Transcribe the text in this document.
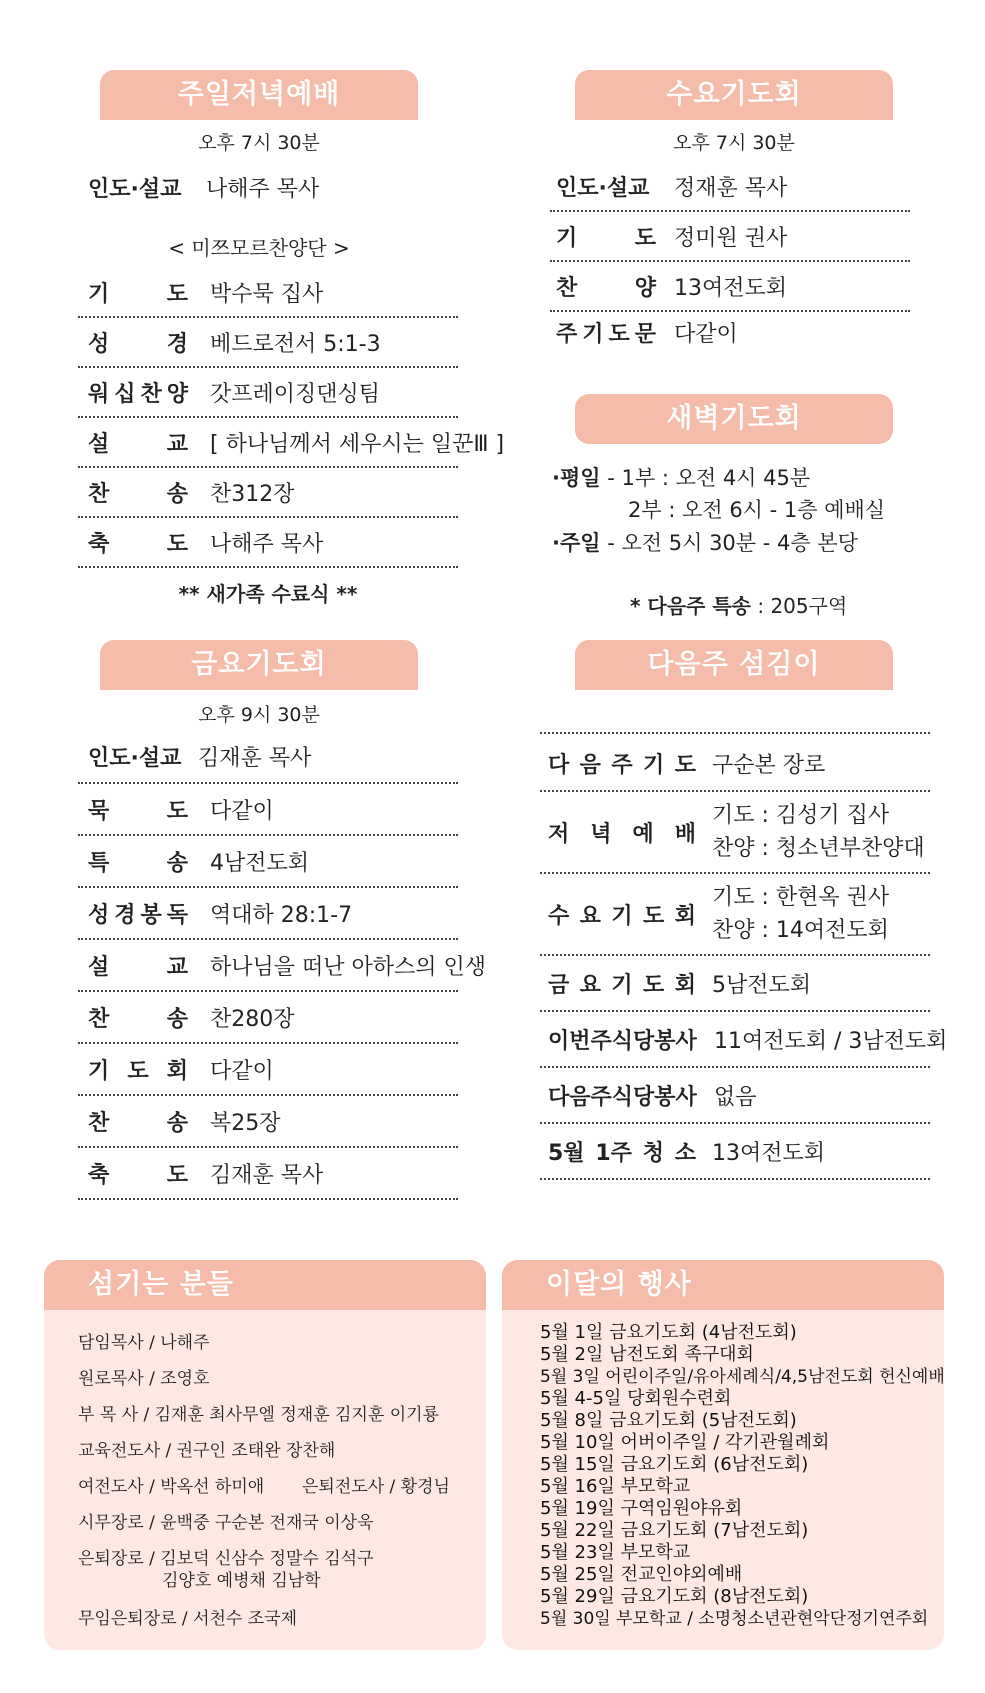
주일저녁예배
오후 7시 30분
인도·설교	나해주 목사
< 미쯔모르찬양단 >
기	도 박수묵 집사
성	경 베드로전서 5:1-3
워 십 찬 양 갓프레이징댄싱팀
설	교 [ 하나님께서 세우시는 일꾼Ⅲ ]
찬	송 찬312장
축	도 나해주 목사
** 새가족 수료식 **
수요기도회
오후 7시 30분
인도·설교	정재훈 목사
기	도 정미원 권사
찬	양 13여전도회
주 기 도 문 다같이
새벽기도회
·평일 - 1부 : 오전 4시 45분
2부 : 오전 6시 - 1층 예배실
·주일 - 오전 5시 30분 - 4층 본당
* 다음주 특송 : 205구역
금요기도회
오후 9시 30분
인도·설교 김재훈 목사
묵	도 다같이
특	송 4남전도회
성 경 봉 독 역대하 28:1-7
설	교 하나님을 떠난 아하스의 인생
찬	송 찬280장
기 도 회 다같이
찬	송 복25장
축	도 김재훈 목사
다음주 섬김이
다 음 주 기 도 구순본 장로
저 녁 예 배
기도 : 김성기 집사
찬양 : 청소년부찬양대
수 요 기 도 회
기도 : 한현옥 권사
찬양 : 14여전도회
금 요 기 도 회 5남전도회
이번주식당봉사 11여전도회 / 3남전도회
다음주식당봉사 없음
5월 1주 청 소 13여전도회
섬기는 분들
담임목사 / 나해주
원로목사 / 조영호
부 목 사 / 김재훈 최사무엘 정재훈 김지훈 이기룡
교육전도사 / 권구인 조태완 장찬해
여전도사 / 박옥선 하미애 은퇴전도사 / 황경님
시무장로 / 윤백중 구순본 전재국 이상욱
은퇴장로 / 김보덕 신삼수 정말수 김석구
김양호 예병채 김남학
무임은퇴장로 / 서천수 조국제
이달의 행사
5월 1일 금요기도회 (4남전도회)
5월 2일 남전도회 족구대회
5월 3일 어린이주일/유아세례식/4,5남전도회 헌신예배
5월 4-5일 당회원수련회
5월 8일 금요기도회 (5남전도회)
5월 10일 어버이주일 / 각기관월례회
5월 15일 금요기도회 (6남전도회)
5월 16일 부모학교
5월 19일 구역임원야유회
5월 22일 금요기도회 (7남전도회)
5월 23일 부모학교
5월 25일 전교인야외예배
5월 29일 금요기도회 (8남전도회)
5월 30일 부모학교 / 소명청소년관현악단정기연주회
